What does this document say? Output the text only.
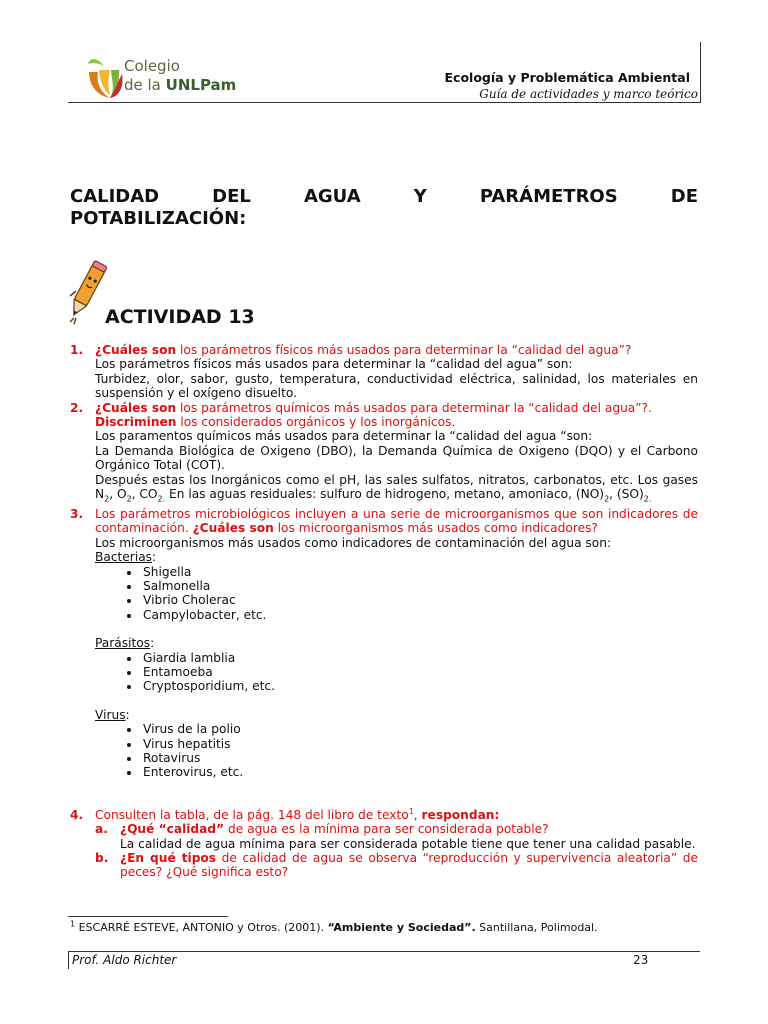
Colegio
de la UNLPam	Ecología y Problemática Ambiental
Guía de actividades y marco teórico
CALIDAD DEL AGUA Y PARÁMETROS DE
POTABILIZACIÓN:
ACTIVIDAD 13
1. ¿Cuáles son los parámetros físicos más usados para determinar la “calidad del agua”?
Los parámetros físicos más usados para determinar la “calidad del agua” son:
Turbidez, olor, sabor, gusto, temperatura, conductividad eléctrica, salinidad, los materiales en suspensión y el oxígeno disuelto.
2. ¿Cuáles son los parámetros químicos más usados para determinar la “calidad del agua”?.
Discriminen los considerados orgánicos y los inorgánicos.
Los paramentos químicos más usados para determinar la “calidad del agua “son:
La Demanda Biológica de Oxigeno (DBO), la Demanda Química de Oxigeno (DQO) y el Carbono Orgánico Total (COT).
Después estas los Inorgánicos como el pH, las sales sulfatos, nitratos, carbonatos, etc. Los gases $N_2$, $O_2$, $CO_{2.}$ En las aguas residuales: sulfuro de hidrogeno, metano, amoniaco, $(NO)_2$, $(SO)_{2.}$
3. Los parámetros microbiológicos incluyen a una serie de microorganismos que son indicadores de contaminación. ¿Cuáles son los microorganismos más usados como indicadores?
Los microorganismos más usados como indicadores de contaminación del agua son:
Bacterias:
• Shigella
• Salmonella
• Vibrio Cholerac
• Campylobacter, etc.
Parásitos:
• Giardia lamblia
• Entamoeba
• Cryptosporidium, etc.
Virus:
• Virus de la polio
• Virus hepatitis
• Rotavirus
• Enterovirus, etc.
4. Consulten la tabla, de la pág. 148 del libro de texto$^1$, respondan:
a. ¿Qué “calidad” de agua es la mínima para ser considerada potable?
La calidad de agua mínima para ser considerada potable tiene que tener una calidad pasable.
b. ¿En qué tipos de calidad de agua se observa “reproducción y supervivencia aleatoria” de peces? ¿Qué significa esto?
$^1$ ESCARRÉ ESTEVE, ANTONIO y Otros. (2001). “Ambiente y Sociedad”. Santillana, Polimodal.
Prof. Aldo Richter	23
